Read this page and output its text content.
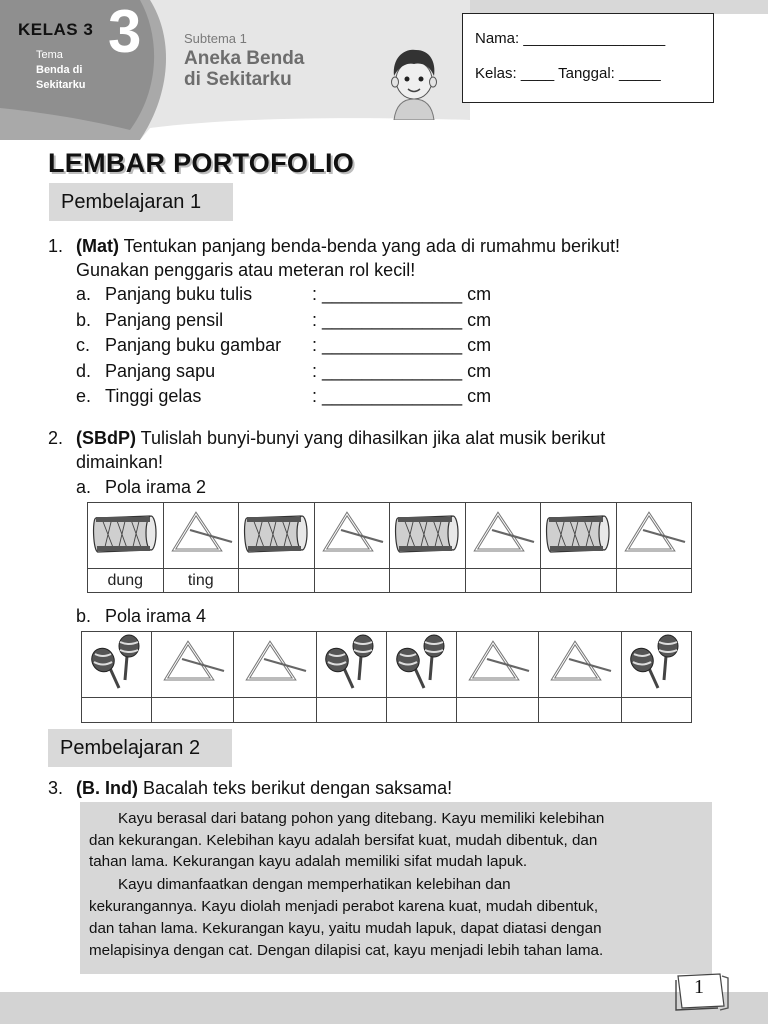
KELAS 3 3
Tema
Benda di
Sekitarku
Subtema 1
Aneka Benda
di Sekitarku
Nama: _________________
Kelas: ____ Tanggal: _____
LEMBAR PORTOFOLIO
Pembelajaran 1
1. (Mat) Tentukan panjang benda-benda yang ada di rumahmu berikut!
Gunakan penggaris atau meteran rol kecil!
a. Panjang buku tulis	: ______________ cm
b. Panjang pensil	: ______________ cm
c. Panjang buku gambar : ______________ cm
d. Panjang sapu	: ______________ cm
e. Tinggi gelas	: ______________ cm
2. (SBdP) Tulislah bunyi-bunyi yang dihasilkan jika alat musik berikut
dimainkan!
a. Pola irama 2

dung	ting						
b. Pola irama 4

Pembelajaran 2
3. (B. Ind) Bacalah teks berikut dengan saksama!

Kayu berasal dari batang pohon yang ditebang. Kayu memiliki kelebihan

dan kekurangan. Kelebihan kayu adalah bersifat kuat, mudah dibentuk, dan

tahan lama. Kekurangan kayu adalah memiliki sifat mudah lapuk.

Kayu dimanfaatkan dengan memperhatikan kelebihan dan

kekurangannya. Kayu diolah menjadi perabot karena kuat, mudah dibentuk,

dan tahan lama. Kekurangan kayu, yaitu mudah lapuk, dapat diatasi dengan

melapisinya dengan cat. Dengan dilapisi cat, kayu menjadi lebih tahan lama.

1
